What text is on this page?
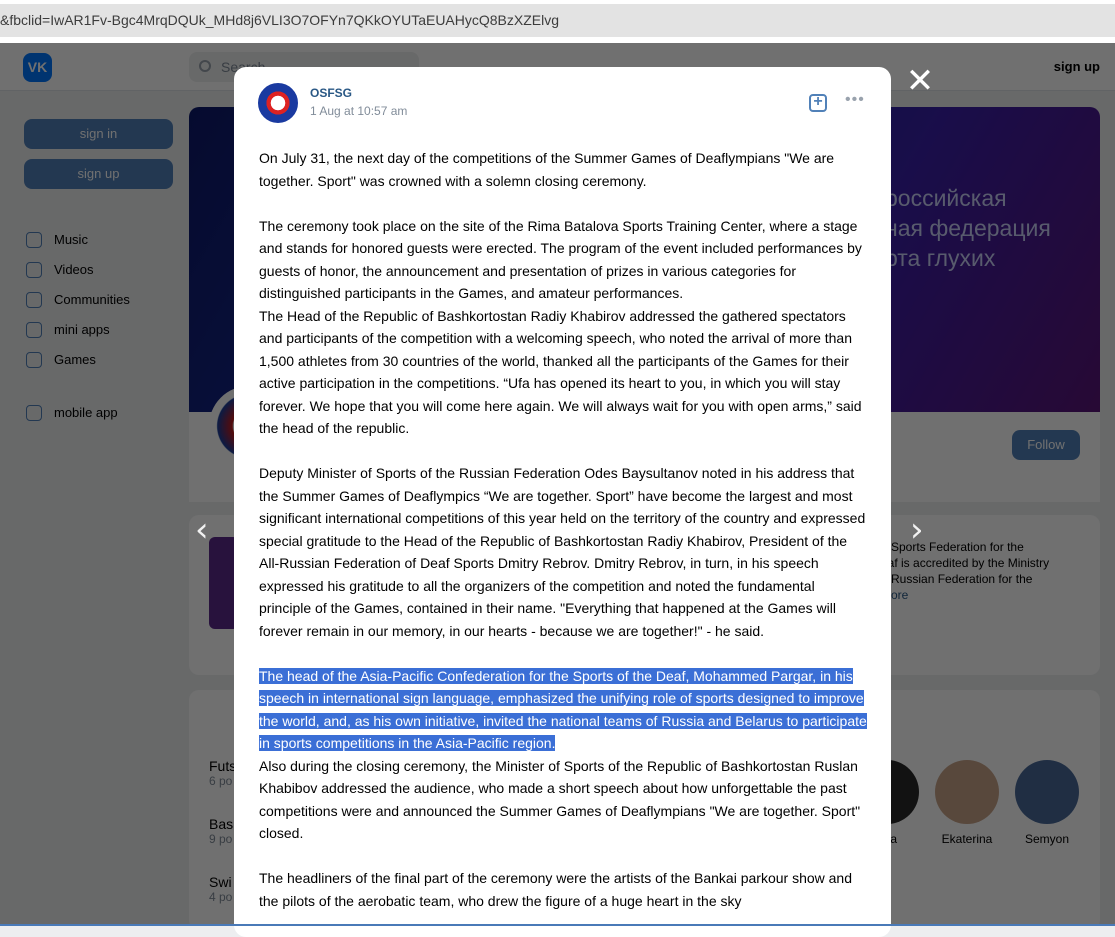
&fbclid=IwAR1Fv-Bgc4MrqDQUk_MHd8j6VLI3O7OFYn7QKkOYUTaEUAHycQ8BzXZElvg
✕
‹	›
OSFSG
1 Aug at 10:57 am
+ •••

On July 31, the next day of the competitions of the Summer Games of Deaflympians "We are together. Sport" was crowned with a solemn closing ceremony.

The ceremony took place on the site of the Rima Batalova Sports Training Center, where a stage and stands for honored guests were erected. The program of the event included performances by guests of honor, the announcement and presentation of prizes in various categories for distinguished participants in the Games, and amateur performances.

The Head of the Republic of Bashkortostan Radiy Khabirov addressed the gathered spectators and participants of the competition with a welcoming speech, who noted the arrival of more than 1,500 athletes from 30 countries of the world, thanked all the participants of the Games for their active participation in the competitions. “Ufa has opened its heart to you, in which you will stay forever. We hope that you will come here again. We will always wait for you with open arms,” said the head of the republic.

Deputy Minister of Sports of the Russian Federation Odes Baysultanov noted in his address that the Summer Games of Deaflympics “We are together. Sport” have become the largest and most significant international competitions of this year held on the territory of the country and expressed special gratitude to the Head of the Republic of Bashkortostan Radiy Khabirov, President of the All-Russian Federation of Deaf Sports Dmitry Rebrov. Dmitry Rebrov, in turn, in his speech expressed his gratitude to all the organizers of the competition and noted the fundamental principle of the Games, contained in their name. "Everything that happened at the Games will forever remain in our memory, in our hearts - because we are together!" - he said.

The head of the Asia-Pacific Confederation for the Sports of the Deaf, Mohammed Pargar, in his speech in international sign language, emphasized the unifying role of sports designed to improve the world, and, as his own initiative, invited the national teams of Russia and Belarus to participate in sports competitions in the Asia-Pacific region.

Also during the closing ceremony, the Minister of Sports of the Republic of Bashkortostan Ruslan Khabibov addressed the audience, who made a short speech about how unforgettable the past competitions were and announced the Summer Games of Deaflympians "We are together. Sport" closed.

The headliners of the final part of the ceremony were the artists of the Bankai parkour show and the pilots of the aerobatic team, who drew the figure of a huge heart in the sky
